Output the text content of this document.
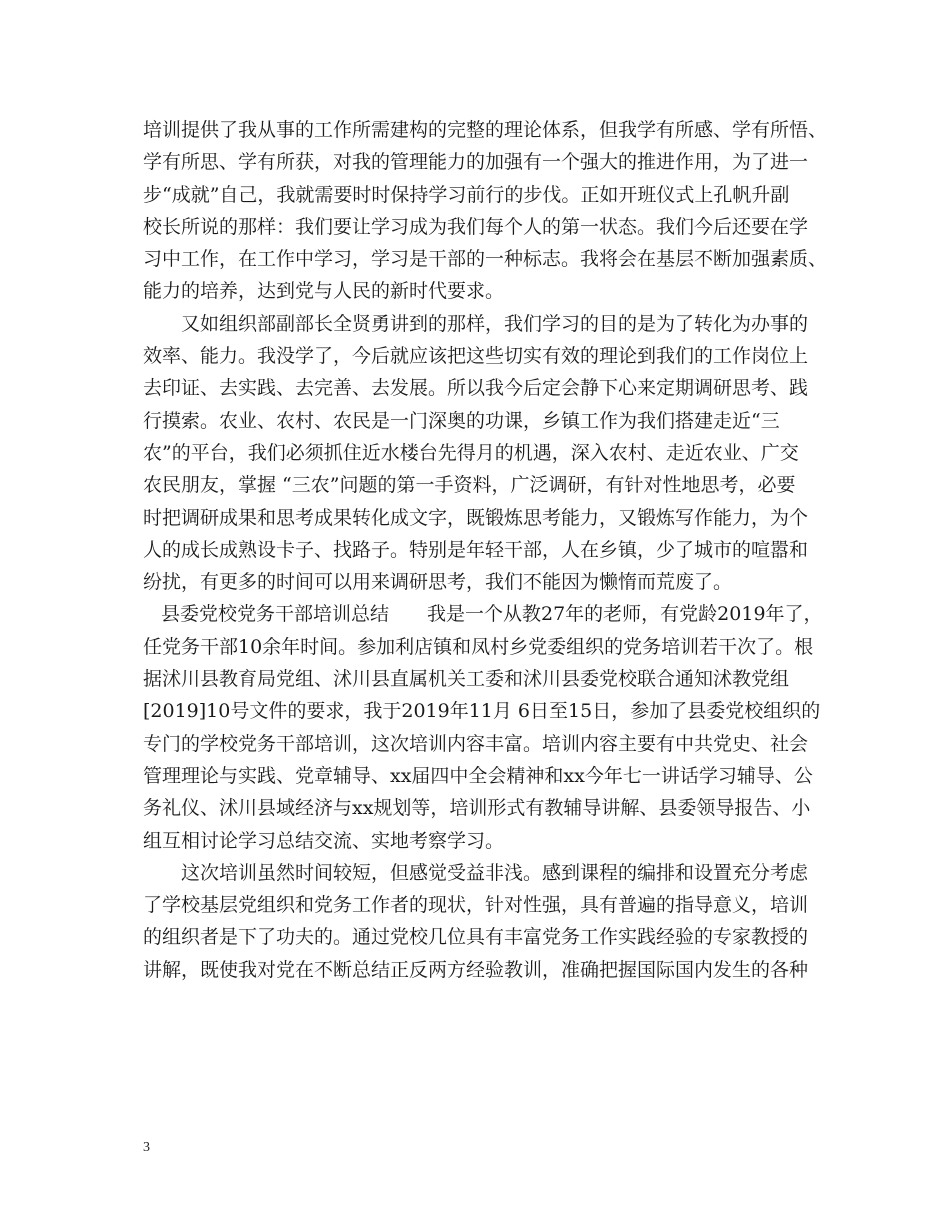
培训提供了我从事的工作所需建构的完整的理论体系，但我学有所感、学有所悟、
学有所思、学有所获，对我的管理能力的加强有一个强大的推进作用，为了进一
步“成就”自己，我就需要时时保持学习前行的步伐。正如开班仪式上孔帆升副
校长所说的那样：我们要让学习成为我们每个人的第一状态。我们今后还要在学
习中工作，在工作中学习，学习是干部的一种标志。我将会在基层不断加强素质、
能力的培养，达到党与人民的新时代要求。
又如组织部副部长全贤勇讲到的那样，我们学习的目的是为了转化为办事的
效率、能力。我没学了，今后就应该把这些切实有效的理论到我们的工作岗位上
去印证、去实践、去完善、去发展。所以我今后定会静下心来定期调研思考、践
行摸索。农业、农村、农民是一门深奥的功课，乡镇工作为我们搭建走近“三
农”的平台，我们必须抓住近水楼台先得月的机遇，深入农村、走近农业、广交
农民朋友，掌握 “三农”问题的第一手资料，广泛调研，有针对性地思考，必要
时把调研成果和思考成果转化成文字，既锻炼思考能力，又锻炼写作能力，为个
人的成长成熟设卡子、找路子。特别是年轻干部，人在乡镇，少了城市的喧嚣和
纷扰，有更多的时间可以用来调研思考，我们不能因为懒惰而荒废了。
县委党校党务干部培训总结　　我是一个从教27年的老师，有党龄2019年了，
任党务干部10余年时间。参加利店镇和凤村乡党委组织的党务培训若干次了。根
据沭川县教育局党组、沭川县直属机关工委和沭川县委党校联合通知沭教党组
[2019]10号文件的要求，我于2019年11月 6日至15日，参加了县委党校组织的
专门的学校党务干部培训，这次培训内容丰富。培训内容主要有中共党史、社会
管理理论与实践、党章辅导、xx届四中全会精神和xx今年七一讲话学习辅导、公
务礼仪、沭川县域经济与xx规划等，培训形式有教辅导讲解、县委领导报告、小
组互相讨论学习总结交流、实地考察学习。
这次培训虽然时间较短，但感觉受益非浅。感到课程的编排和设置充分考虑
了学校基层党组织和党务工作者的现状，针对性强，具有普遍的指导意义，培训
的组织者是下了功夫的。通过党校几位具有丰富党务工作实践经验的专家教授的
讲解，既使我对党在不断总结正反两方经验教训，准确把握国际国内发生的各种
3
